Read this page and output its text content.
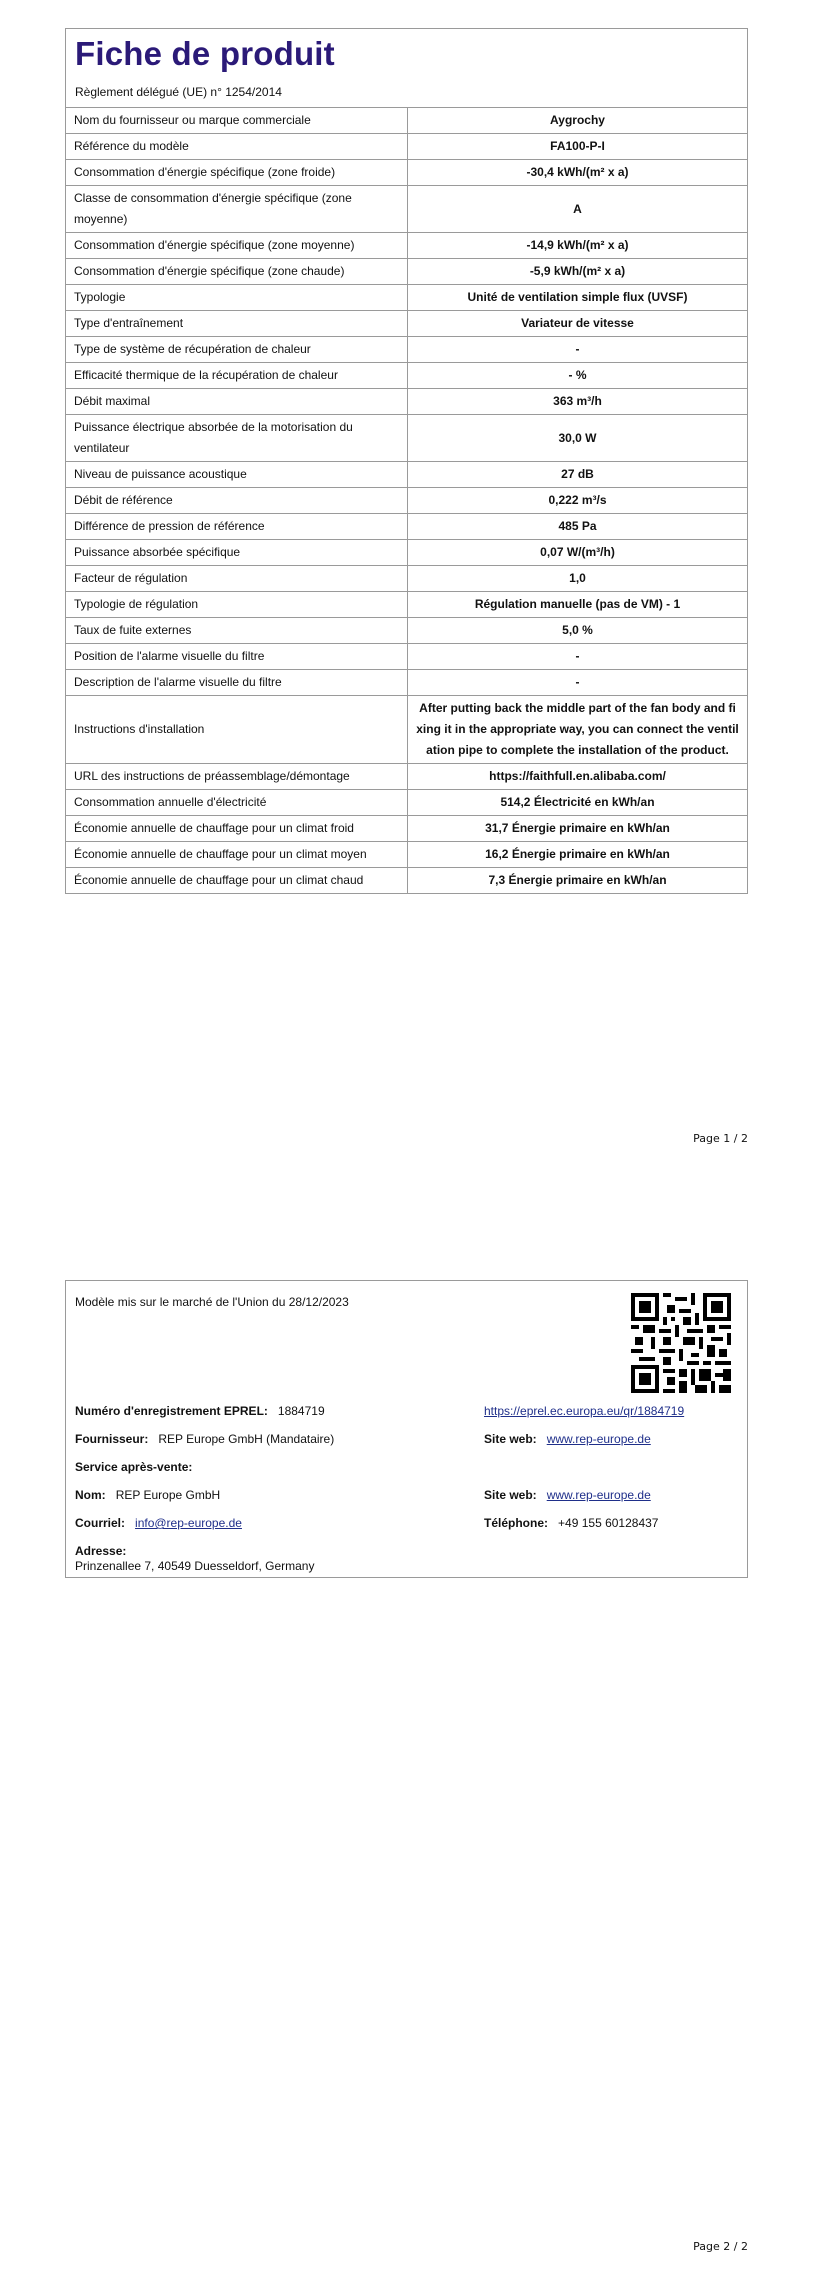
Fiche de produit
Règlement délégué (UE) n° 1254/2014
Nom du fournisseur ou marque commerciale	Aygrochy
Référence du modèle	FA100-P-I
Consommation d'énergie spécifique (zone froide)	-30,4 kWh/(m² x a)
Classe de consommation d'énergie spécifique (zone moyenne)	A
Consommation d'énergie spécifique (zone moyenne)	-14,9 kWh/(m² x a)
Consommation d'énergie spécifique (zone chaude)	-5,9 kWh/(m² x a)
Typologie	Unité de ventilation simple flux (UVSF)
Type d'entraînement	Variateur de vitesse
Type de système de récupération de chaleur	-
Efficacité thermique de la récupération de chaleur	- %
Débit maximal	363 m³/h
Puissance électrique absorbée de la motorisation du ventilateur	30,0 W
Niveau de puissance acoustique	27 dB
Débit de référence	0,222 m³/s
Différence de pression de référence	485 Pa
Puissance absorbée spécifique	0,07 W/(m³/h)
Facteur de régulation	1,0
Typologie de régulation	Régulation manuelle (pas de VM) - 1
Taux de fuite externes	5,0 %
Position de l'alarme visuelle du filtre	-
Description de l'alarme visuelle du filtre	-
Instructions d'installation	After putting back the middle part of the fan body and fixing it in the appropriate way, you can connect the ventilation pipe to complete the installation of the product.
URL des instructions de préassemblage/démontage	https://faithfull.en.alibaba.com/
Consommation annuelle d'électricité	514,2 Électricité en kWh/an
Économie annuelle de chauffage pour un climat froid	31,7 Énergie primaire en kWh/an
Économie annuelle de chauffage pour un climat moyen	16,2 Énergie primaire en kWh/an
Économie annuelle de chauffage pour un climat chaud	7,3 Énergie primaire en kWh/an
Page 1 / 2
Modèle mis sur le marché de l'Union du 28/12/2023
Numéro d'enregistrement EPREL: 1884719	https://eprel.ec.europa.eu/qr/1884719
Fournisseur: REP Europe GmbH (Mandataire)	Site web: www.rep-europe.de
Service après-vente:
Nom: REP Europe GmbH	Site web: www.rep-europe.de
Courriel: info@rep-europe.de	Téléphone: +49 155 60128437
Adresse:
Prinzenallee 7, 40549 Duesseldorf, Germany
Page 2 / 2
